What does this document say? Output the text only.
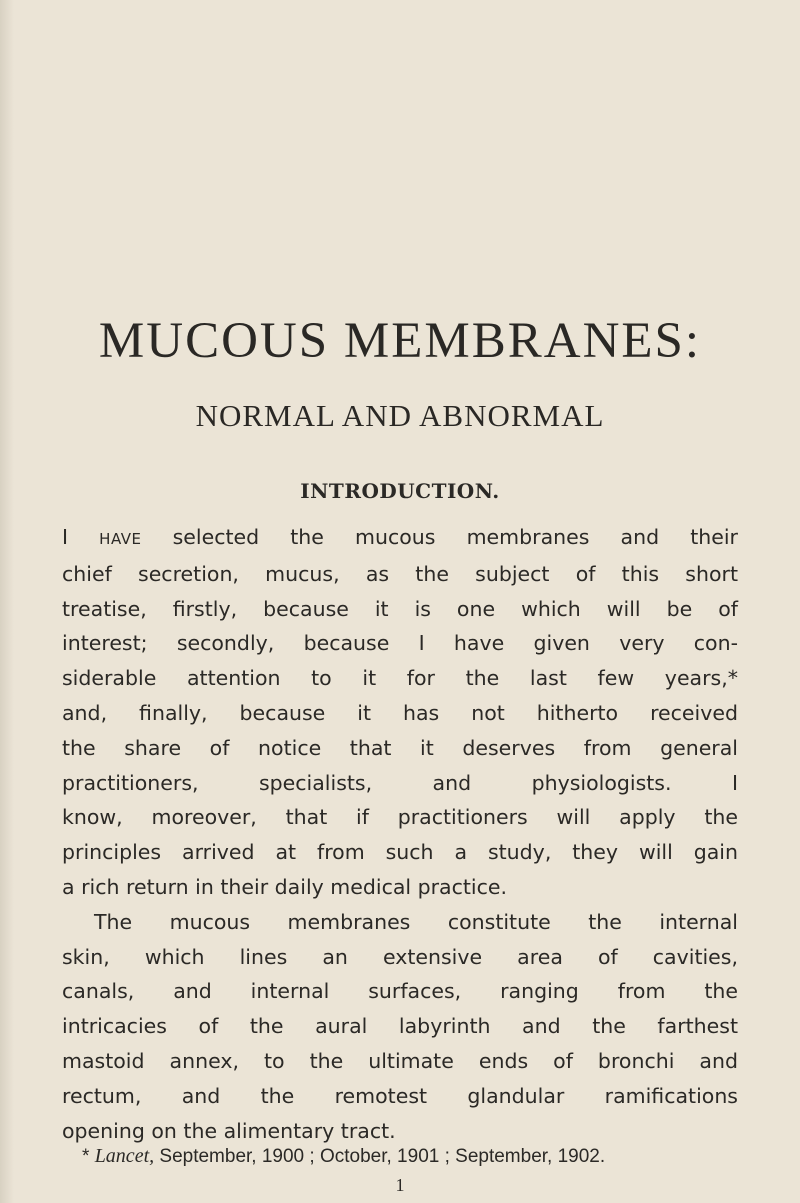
MUCOUS MEMBRANES:
NORMAL AND ABNORMAL
INTRODUCTION.
I HAVE selected the mucous membranes and their
chief secretion, mucus, as the subject of this short
treatise, firstly, because it is one which will be of
interest; secondly, because I have given very con-
siderable attention to it for the last few years,*
and, finally, because it has not hitherto received
the share of notice that it deserves from general
practitioners, specialists, and physiologists. I
know, moreover, that if practitioners will apply the
principles arrived at from such a study, they will gain
a rich return in their daily medical practice.
The mucous membranes constitute the internal
skin, which lines an extensive area of cavities,
canals, and internal surfaces, ranging from the
intricacies of the aural labyrinth and the farthest
mastoid annex, to the ultimate ends of bronchi and
rectum, and the remotest glandular ramifications
opening on the alimentary tract.
* Lancet, September, 1900 ; October, 1901 ; September, 1902.
1
